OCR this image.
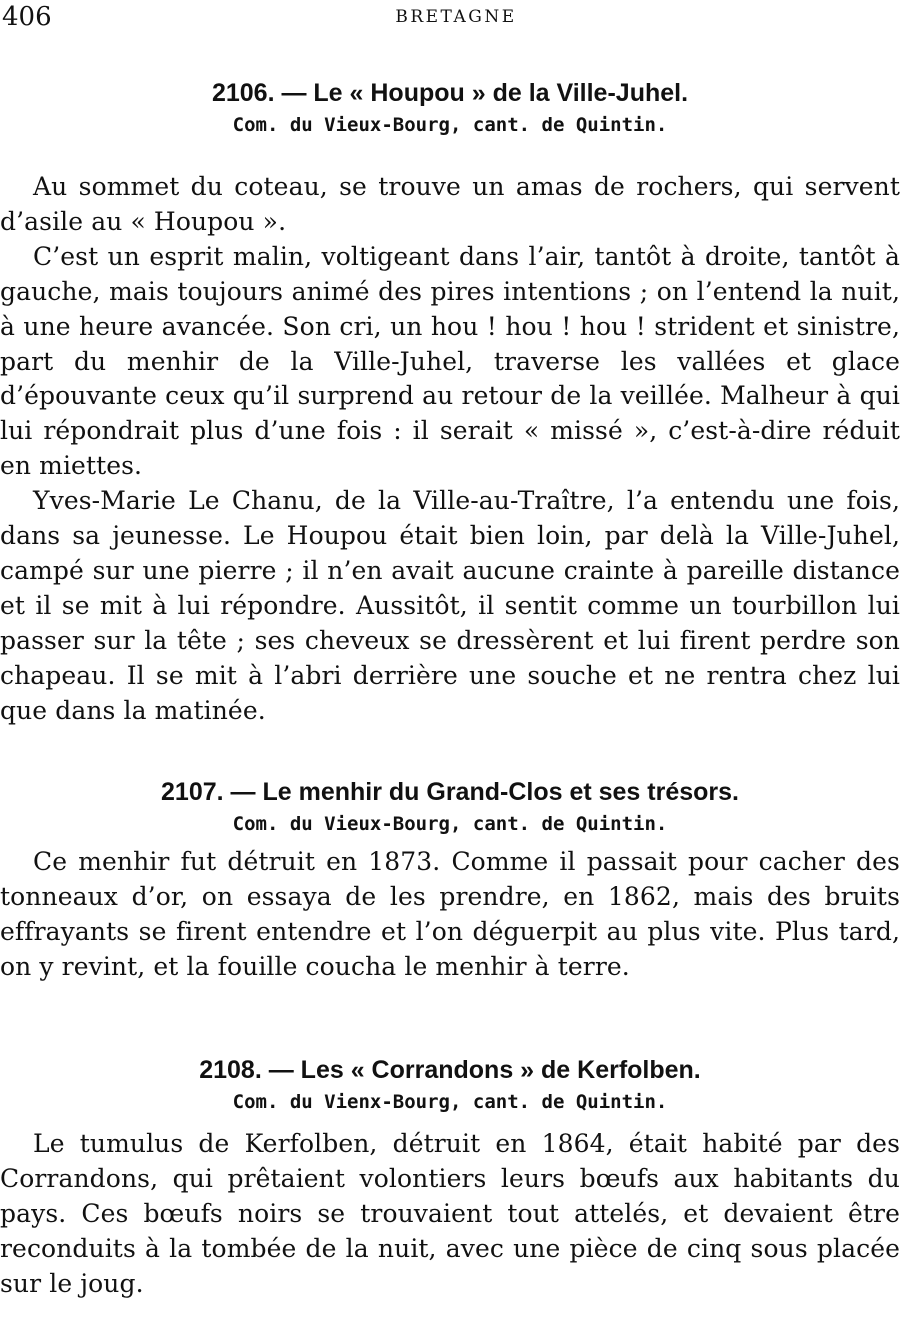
406	BRETAGNE
2106. — Le « Houpou » de la Ville-Juhel.
Com. du Vieux-Bourg, cant. de Quintin.

Au sommet du coteau, se trouve un amas de rochers, qui servent d’asile au « Houpou ».

C’est un esprit malin, voltigeant dans l’air, tantôt à droite, tantôt à gauche, mais toujours animé des pires intentions ; on l’entend la nuit, à une heure avancée. Son cri, un hou ! hou ! hou ! strident et sinistre, part du menhir de la Ville-Juhel, traverse les vallées et glace d’épouvante ceux qu’il surprend au retour de la veillée. Malheur à qui lui répondrait plus d’une fois : il serait « missé », c’est-à-dire réduit en miettes.

Yves-Marie Le Chanu, de la Ville-au-Traître, l’a entendu une fois, dans sa jeunesse. Le Houpou était bien loin, par delà la Ville-Juhel, campé sur une pierre ; il n’en avait aucune crainte à pareille distance et il se mit à lui répondre. Aussitôt, il sentit comme un tourbillon lui passer sur la tête ; ses cheveux se dressèrent et lui firent perdre son chapeau. Il se mit à l’abri derrière une souche et ne rentra chez lui que dans la matinée.

2107. — Le menhir du Grand-Clos et ses trésors.
Com. du Vieux-Bourg, cant. de Quintin.

Ce menhir fut détruit en 1873. Comme il passait pour cacher des tonneaux d’or, on essaya de les prendre, en 1862, mais des bruits effrayants se firent entendre et l’on déguerpit au plus vite. Plus tard, on y revint, et la fouille coucha le menhir à terre.

2108. — Les « Corrandons » de Kerfolben.
Com. du Vienx-Bourg, cant. de Quintin.

Le tumulus de Kerfolben, détruit en 1864, était habité par des Corrandons, qui prêtaient volontiers leurs bœufs aux habitants du pays. Ces bœufs noirs se trouvaient tout attelés, et devaient être reconduits à la tombée de la nuit, avec une pièce de cinq sous placée sur le joug.
